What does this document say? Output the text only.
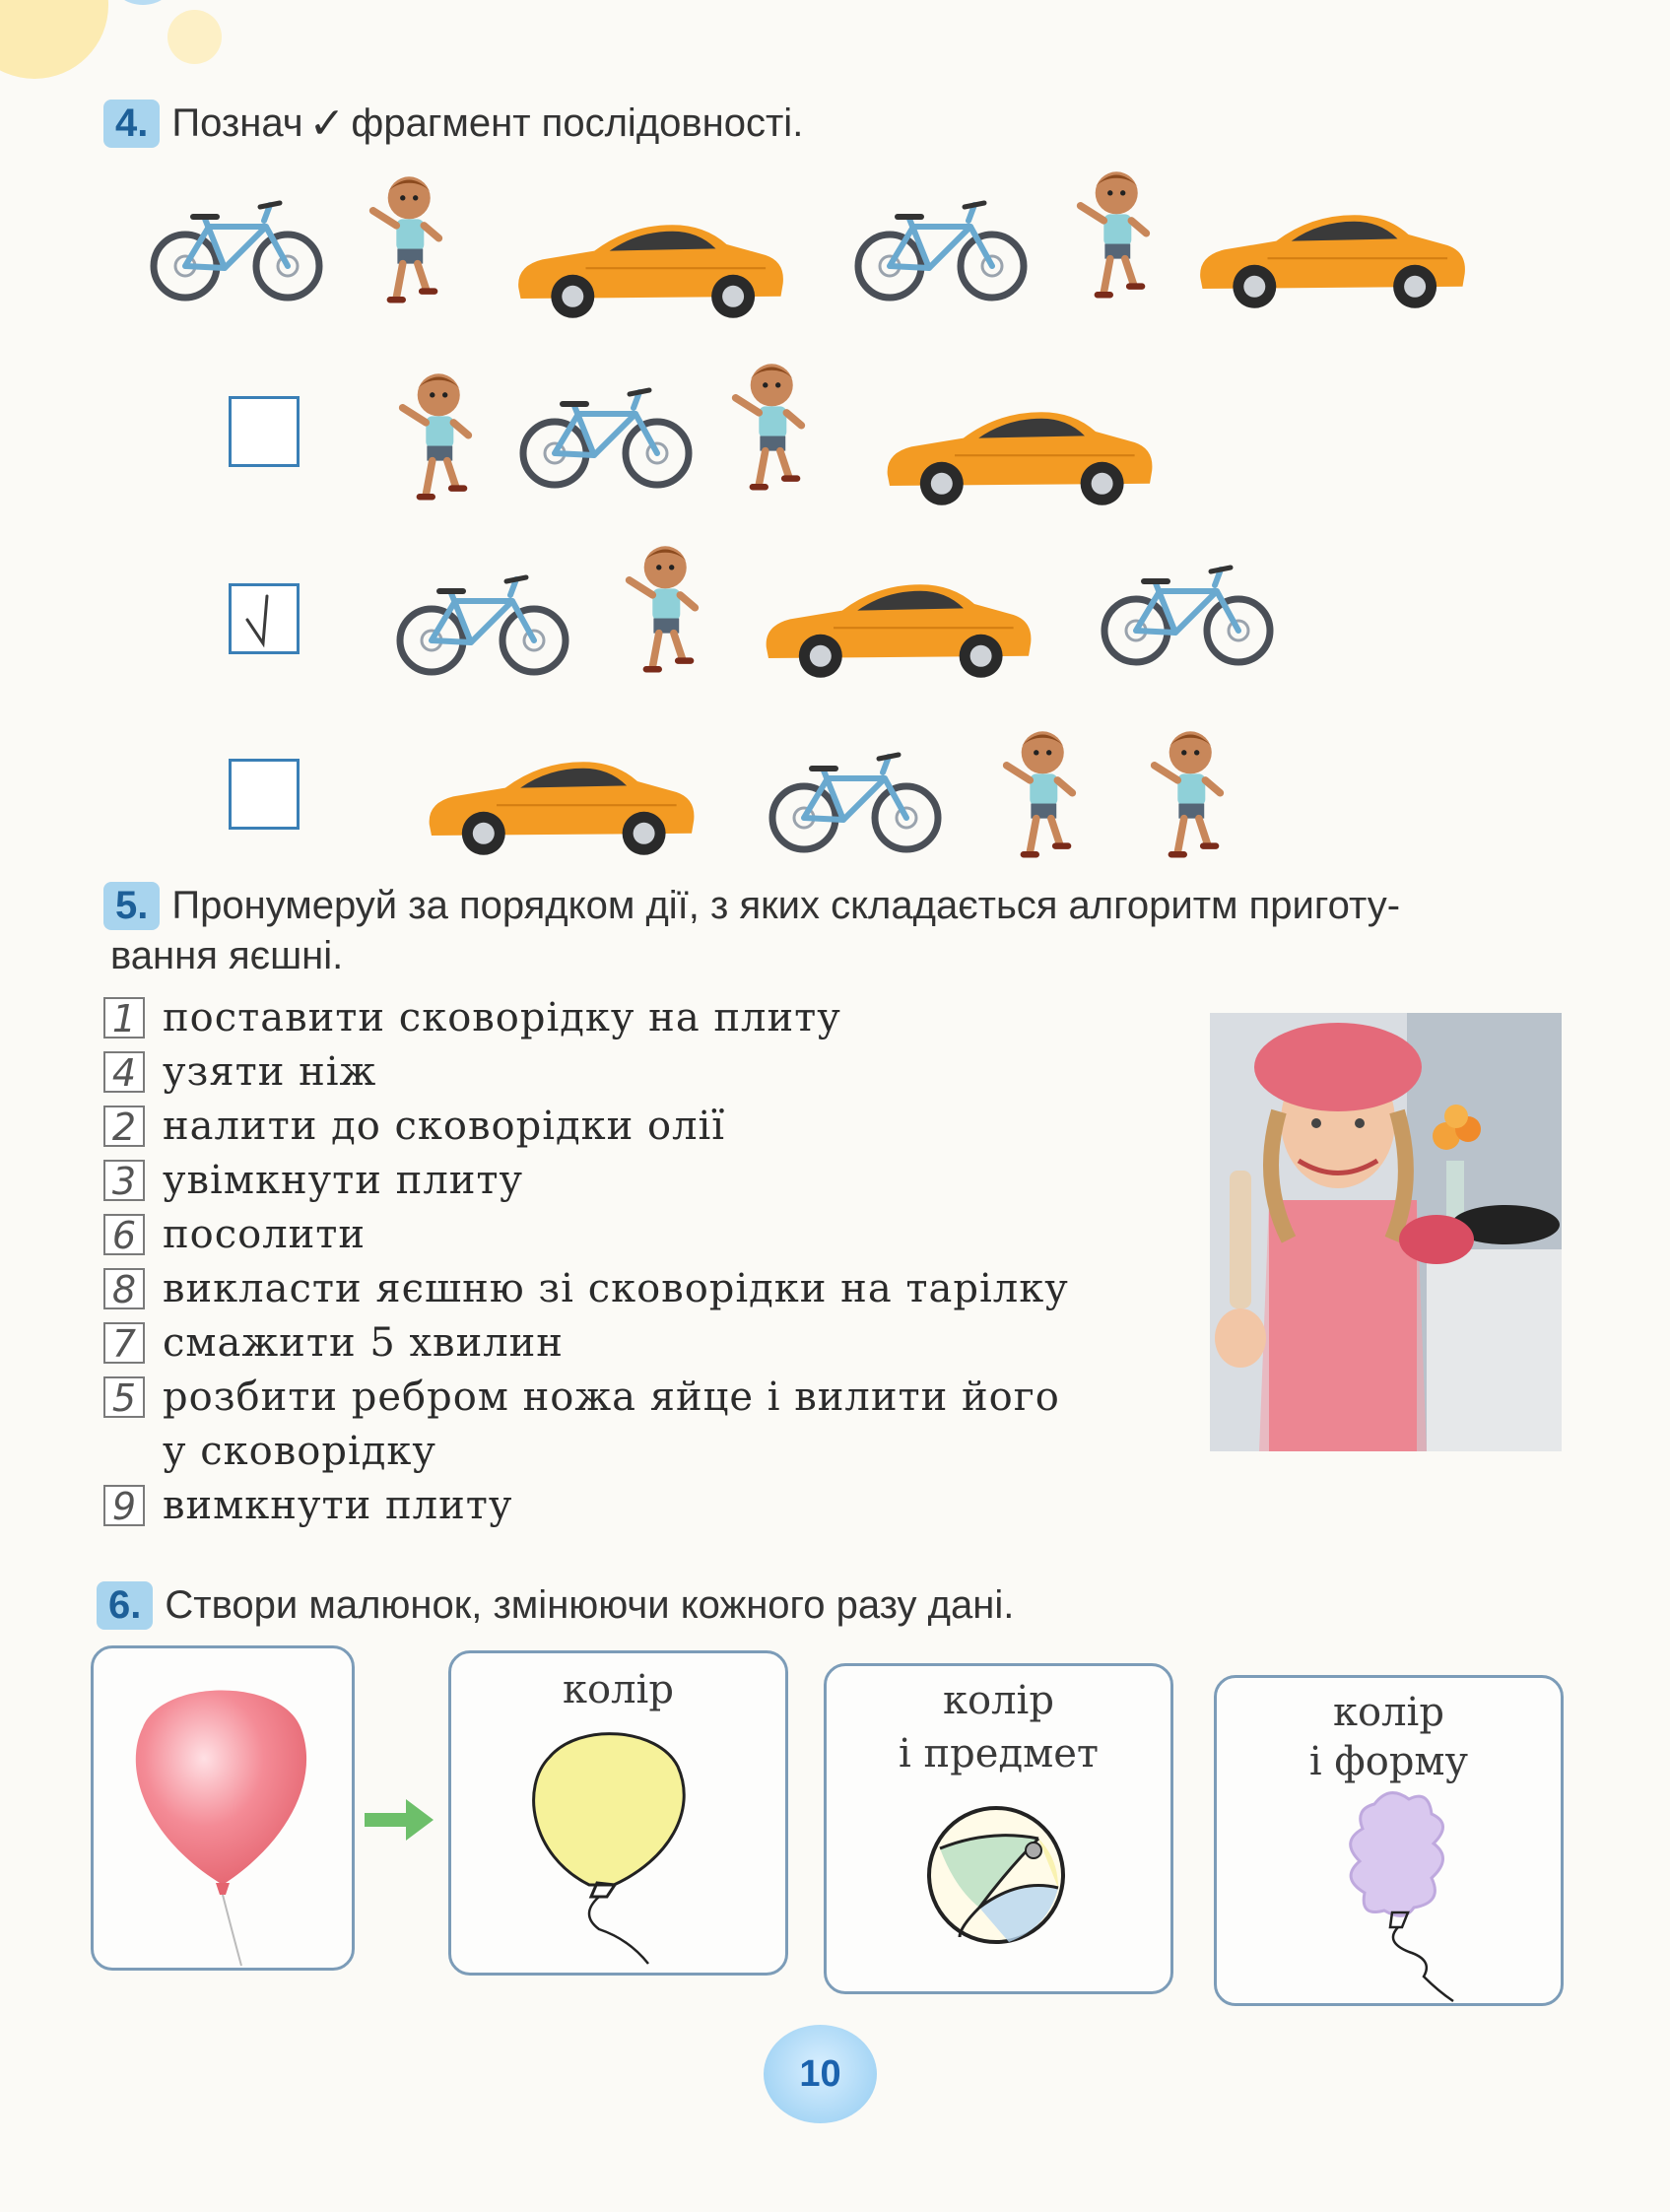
4. Познач ✓ фрагмент послідовності.
5. Пронумеруй за порядком дії, з яких складається алгоритм приготу-
вання яєшні.
1 поставити сковорідку на плиту
4 узяти ніж
2 налити до сковорідки олії
3 увімкнути плиту
6 посолити
8 викласти яєшню зі сковорідки на тарілку
7 смажити 5 хвилин
5 розбити ребром ножа яйце і вилити його
у сковорідку
9 вимкнути плиту
6. Створи малюнок, змінюючи кожного разу дані.
колір	колір
і предмет
колір
і форму
10
